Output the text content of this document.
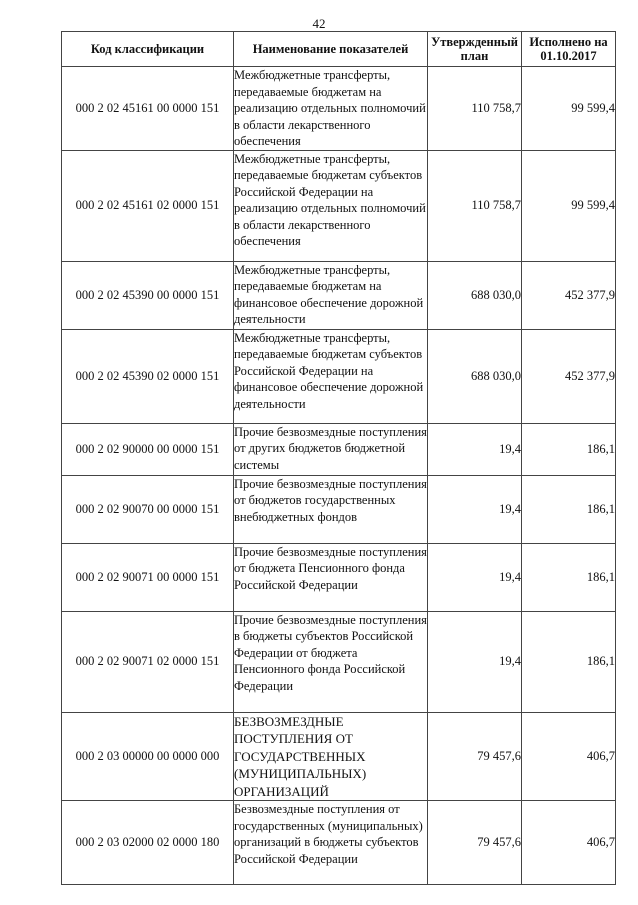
42
Код классификации	Наименование показателей	Утвержденный план	Исполнено на
01.10.2017
000 2 02 45161 00 0000 151	Межбюджетные трансферты, передаваемые бюджетам на реализацию отдельных полномочий в области лекарственного обеспечения	110 758,7	99 599,4
000 2 02 45161 02 0000 151	Межбюджетные трансферты, передаваемые бюджетам субъектов Российской Федерации на реализацию отдельных полномочий в области лекарственного обеспечения	110 758,7	99 599,4
000 2 02 45390 00 0000 151	Межбюджетные трансферты, передаваемые бюджетам на финансовое обеспечение дорожной деятельности	688 030,0	452 377,9
000 2 02 45390 02 0000 151	Межбюджетные трансферты, передаваемые бюджетам субъектов Российской Федерации на финансовое обеспечение дорожной деятельности	688 030,0	452 377,9
000 2 02 90000 00 0000 151	Прочие безвозмездные поступления от других бюджетов бюджетной системы	19,4	186,1
000 2 02 90070 00 0000 151	Прочие безвозмездные поступления от бюджетов государственных внебюджетных фондов	19,4	186,1
000 2 02 90071 00 0000 151	Прочие безвозмездные поступления от бюджета Пенсионного фонда Российской Федерации	19,4	186,1
000 2 02 90071 02 0000 151	Прочие безвозмездные поступления в бюджеты субъектов Российской Федерации от бюджета Пенсионного фонда Российской Федерации	19,4	186,1
000 2 03 00000 00 0000 000	БЕЗВОЗМЕЗДНЫЕ ПОСТУПЛЕНИЯ ОТ ГОСУДАРСТВЕННЫХ (МУНИЦИПАЛЬНЫХ) ОРГАНИЗАЦИЙ	79 457,6	406,7
000 2 03 02000 02 0000 180	Безвозмездные поступления от государственных (муниципальных) организаций в бюджеты субъектов Российской Федерации	79 457,6	406,7
